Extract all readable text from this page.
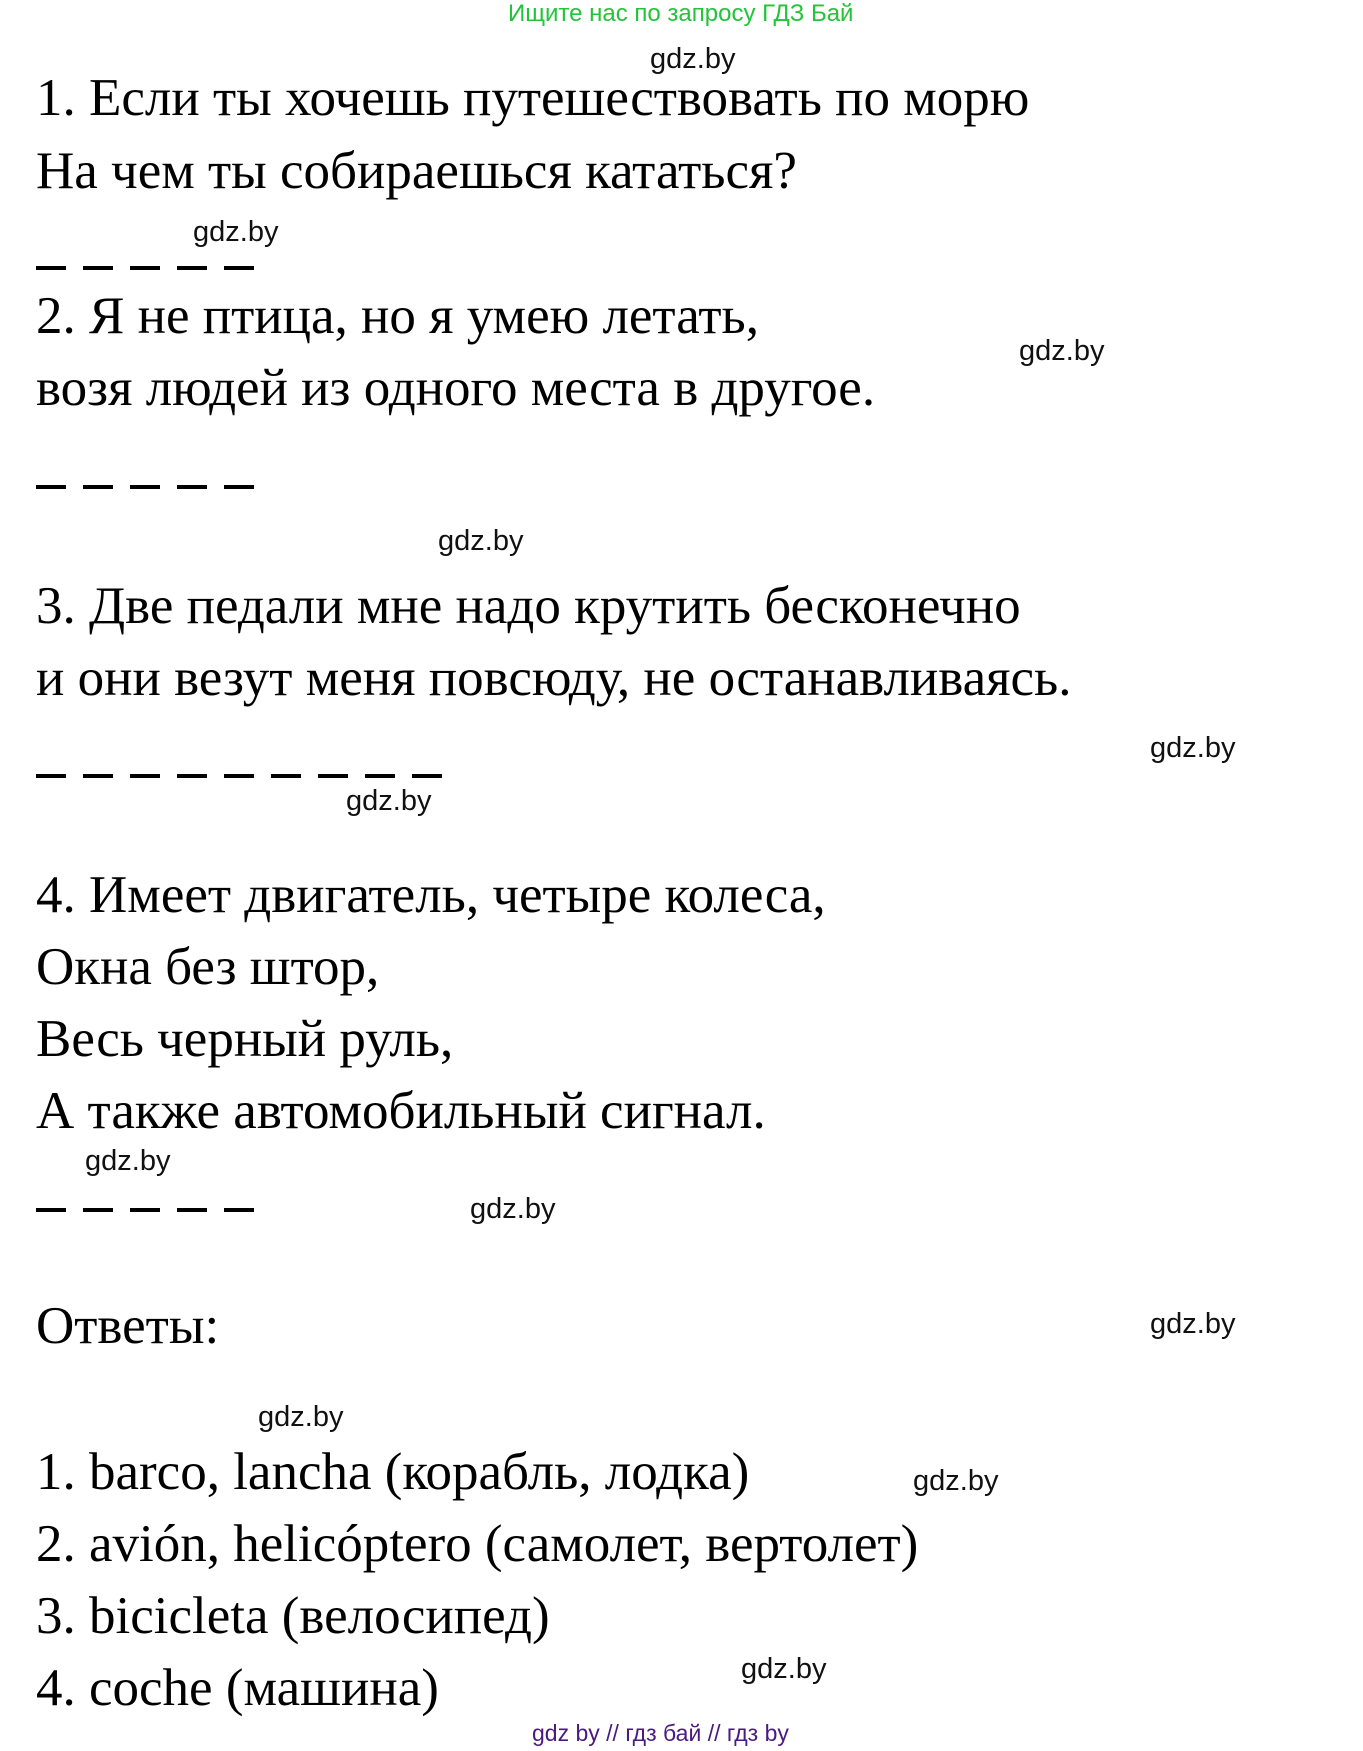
Ищите нас по запросу ГДЗ Бай
gdz.by
1. Если ты хочешь путешествовать по морю
На чем ты собираешься кататься?
gdz.by
2. Я не птица, но я умею летать,
возя людей из одного места в другое.
gdz.by
gdz.by
3. Две педали мне надо крутить бесконечно
и они везут меня повсюду, не останавливаясь.
gdz.by
gdz.by
4. Имеет двигатель, четыре колеса,
Окна без штор,
Весь черный руль,
А также автомобильный сигнал.
gdz.by
gdz.by
Ответы:	gdz.by
gdz.by
1. barco, lancha (корабль, лодка)	gdz.by
2. avión, helicóptero (самолет, вертолет)
3. bicicleta (велосипед)
4. coche (машина)	gdz.by
gdz by // гдз бай // гдз by
